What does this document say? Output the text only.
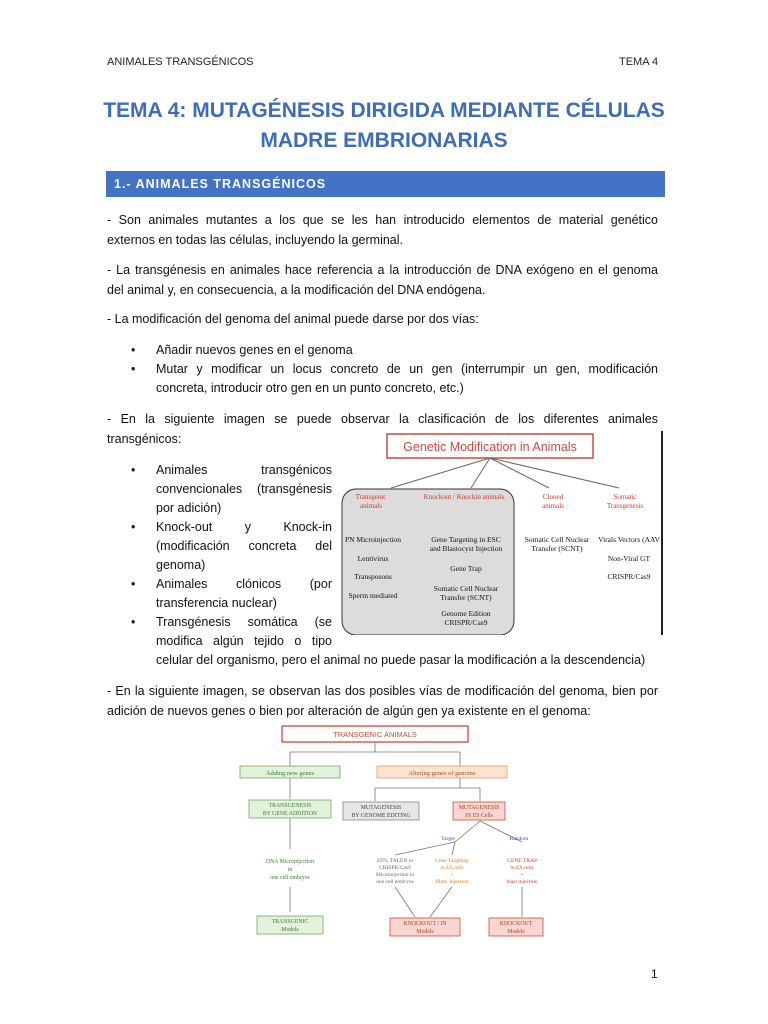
ANIMALES TRANSGÉNICOS	TEMA 4
TEMA 4: MUTAGÉNESIS DIRIGIDA MEDIANTE CÉLULAS
MADRE EMBRIONARIAS
1.- ANIMALES TRANSGÉNICOS
- Son animales mutantes a los que se les han introducido elementos de material genético
externos en todas las células, incluyendo la germinal.
- La transgénesis en animales hace referencia a la introducción de DNA exógeno en el genoma
del animal y, en consecuencia, a la modificación del DNA endógena.
- La modificación del genoma del animal puede darse por dos vías:
• Añadir nuevos genes en el genoma
• Mutar y modificar un locus concreto de un gen (interrumpir un gen, modificación
concreta, introducir otro gen en un punto concreto, etc.)
- En la siguiente imagen se puede observar la clasificación de los diferentes animales
transgénicos:
• Animales transgénicos
convencionales (transgénesis
por adición)
• Knock-out y Knock-in
(modificación concreta del
genoma)
• Animales clónicos (por
transferencia nuclear)
• Transgénesis somática (se
modifica algún tejido o tipo
celular del organismo, pero el animal no puede pasar la modificación a la descendencia)
Genetic Modification in Animals
Transgenic
animals
Knockout / Knockin animals	Cloned
animals
Somatic
Transgenesis
PN Microinjection
Lentivirus
Transposons
Sperm mediated
Gene Targeting in ESC
and Blastocyst Injection
Gene Trap
Somatic Cell Nuclear
Transfer (SCNT)
Genome Edition
CRISPR/Cas9
Somatic Cell Nuclear
Transfer (SCNT)
Virals Vectors (AAV
Non-Viral GT
CRISPR/Cas9
- En la siguiente imagen, se observan las dos posibles vías de modificación del genoma, bien por
adición de nuevos genes o bien por alteración de algún gen ya existente en el genoma:
TRANSGENIC ANIMALS
Adding new genes	Altering genes of genome
TRANSGENESIS
BY GENE ADDITION
MUTAGENESIS
BY GENOME EDITING
MUTAGENESIS
IN ES Cells
Target	Random
DNA Microinjection
in
one cell embryos
ZFN, TALEN or
CRISPR/Cas9
Microinjection in
one cell embryos
Gene Targeting
in ES cells
+
Blast. injection
GENE TRAP
in ES cells
+
blast injection
TRANSGENIC
Models
KNOCKOUT / IN
Models
KNOCKOUT
Models
1
